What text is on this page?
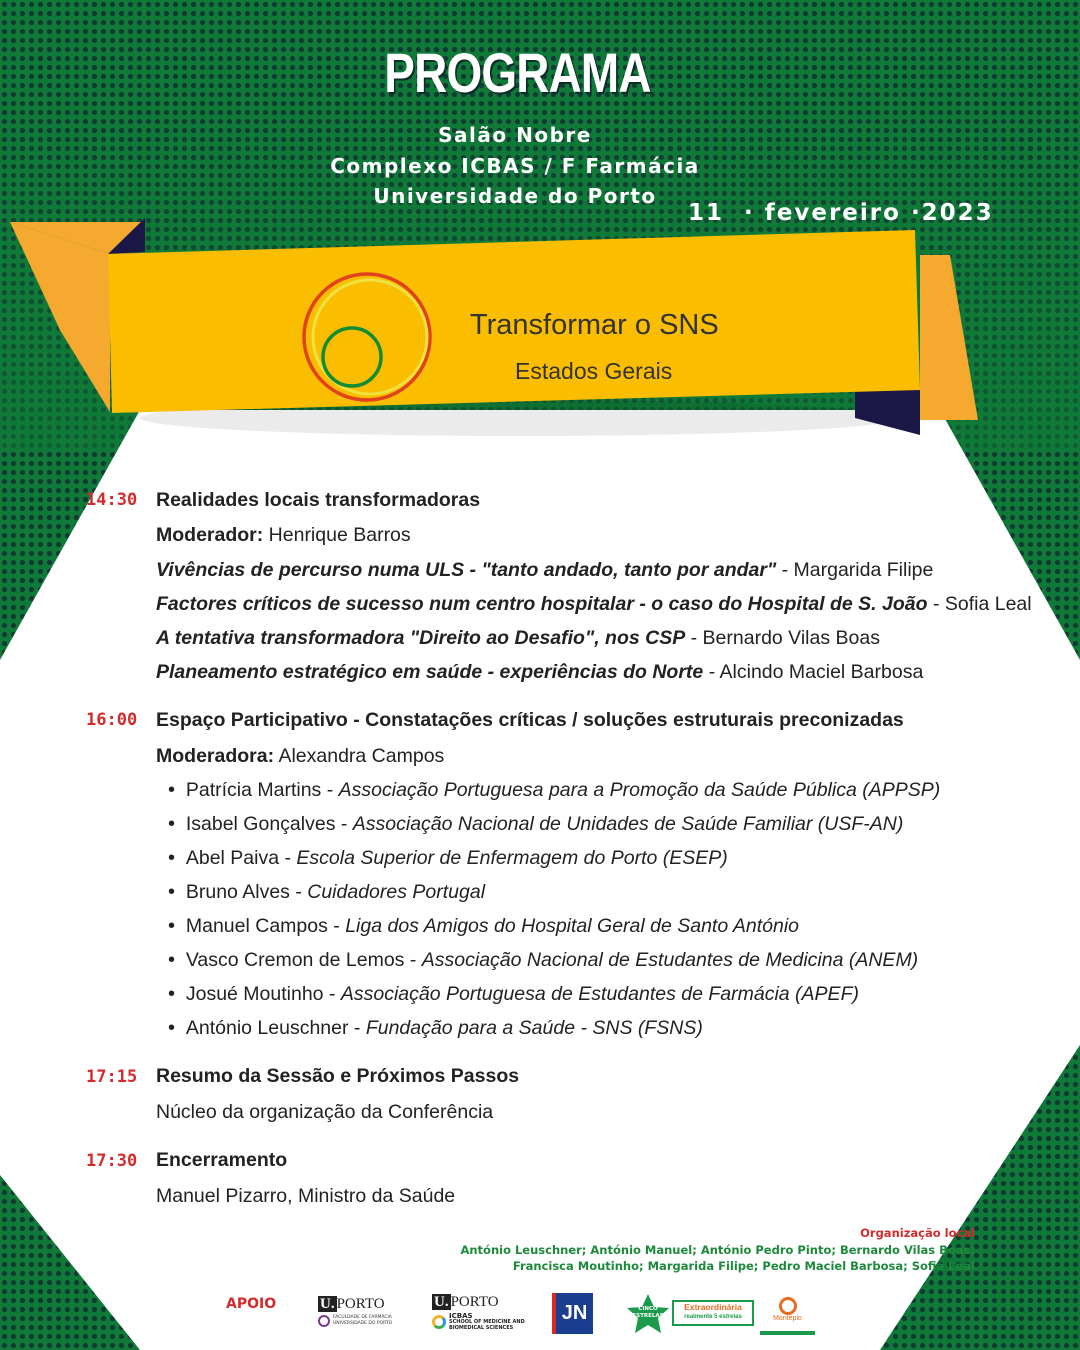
PROGRAMA
Salão Nobre
Complexo ICBAS / F Farmácia
Universidade do Porto
11  · fevereiro ·2023
Transformar o SNS
Estados Gerais
14:30 Realidades locais transformadoras
Moderador: Henrique Barros
Vivências de percurso numa ULS - "tanto andado, tanto por andar" - Margarida Filipe
Factores críticos de sucesso num centro hospitalar - o caso do Hospital de S. João - Sofia Leal
A tentativa transformadora "Direito ao Desafio", nos CSP - Bernardo Vilas Boas
Planeamento estratégico em saúde - experiências do Norte - Alcindo Maciel Barbosa
16:00 Espaço Participativo - Constatações críticas / soluções estruturais preconizadas
Moderadora: Alexandra Campos
• Patrícia Martins - Associação Portuguesa para a Promoção da Saúde Pública (APPSP)
• Isabel Gonçalves - Associação Nacional de Unidades de Saúde Familiar (USF-AN)
• Abel Paiva - Escola Superior de Enfermagem do Porto (ESEP)
• Bruno Alves - Cuidadores Portugal
• Manuel Campos - Liga dos Amigos do Hospital Geral de Santo António
• Vasco Cremon de Lemos - Associação Nacional de Estudantes de Medicina (ANEM)
• Josué Moutinho - Associação Portuguesa de Estudantes de Farmácia (APEF)
• António Leuschner - Fundação para a Saúde - SNS (FSNS)
17:15 Resumo da Sessão e Próximos Passos
Núcleo da organização da Conferência
17:30 Encerramento
Manuel Pizarro, Ministro da Saúde
Organização local
António Leuschner; António Manuel; António Pedro Pinto; Bernardo Vilas Boas;
Francisca Moutinho; Margarida Filipe; Pedro Maciel Barbosa; Sofia Leal
APOIO	U. PORTO
FACULDADE DE FARMÁCIA
UNIVERSIDADE DO PORTO
U. PORTO
ICBAS
SCHOOL OF MEDICINE AND
BIOMEDICAL SCIENCES
JN	CINCO
ESTRELAS
Extraordinária
realmente 5 estrelas	Montepio
